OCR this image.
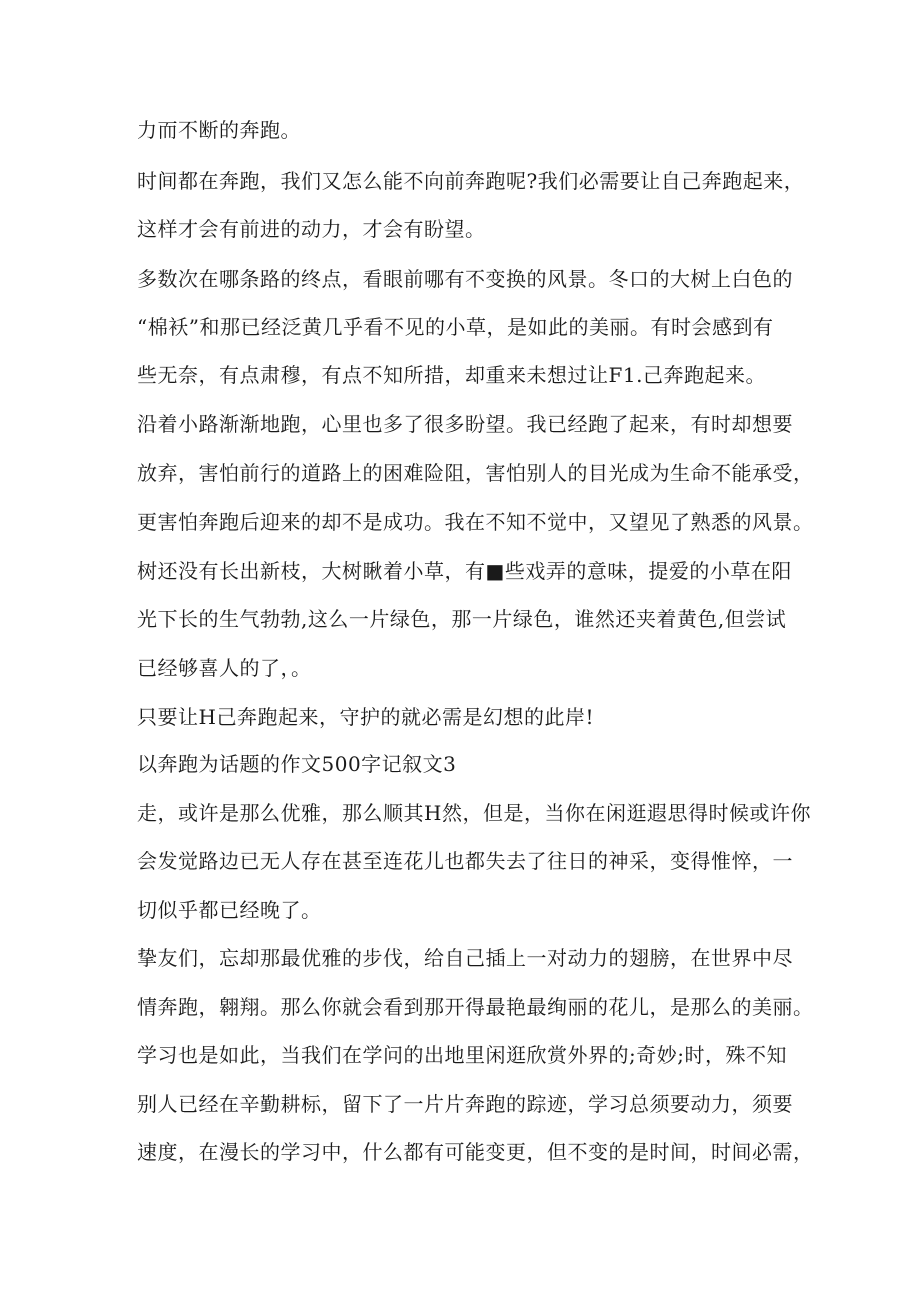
力而不断的奔跑。
时间都在奔跑，我们又怎么能不向前奔跑呢?我们必需要让自己奔跑起来，
这样才会有前进的动力，才会有盼望。
多数次在哪条路的终点，看眼前哪有不变换的风景。冬口的大树上白色的
“棉袄”和那已经泛黄几乎看不见的小草，是如此的美丽。有时会感到有
些无奈，有点肃穆，有点不知所措，却重来未想过让F1.己奔跑起来。
沿着小路渐渐地跑，心里也多了很多盼望。我已经跑了起来，有时却想要
放弃，害怕前行的道路上的困难险阻，害怕别人的目光成为生命不能承受，
更害怕奔跑后迎来的却不是成功。我在不知不觉中，又望见了熟悉的风景。
树还没有长出新枝，大树瞅着小草，有■些戏弄的意味，提爱的小草在阳
光下长的生气勃勃,这么一片绿色，那一片绿色，谁然还夹着黄色,但尝试
已经够喜人的了，。
只要让H己奔跑起来，守护的就必需是幻想的此岸!
以奔跑为话题的作文500字记叙文3
走，或许是那么优雅，那么顺其H然，但是，当你在闲逛遐思得时候或许你
会发觉路边已无人存在甚至连花儿也都失去了往日的神采，变得惟悴，一
切似乎都已经晚了。
挚友们，忘却那最优雅的步伐，给自己插上一对动力的翅膀，在世界中尽
情奔跑，翱翔。那么你就会看到那开得最艳最绚丽的花儿，是那么的美丽。
学习也是如此，当我们在学问的出地里闲逛欣赏外界的;奇妙;时，殊不知
别人已经在辛勤耕标，留下了一片片奔跑的踪迹，学习总须要动力，须要
速度，在漫长的学习中，什么都有可能变更，但不变的是时间，时间必需，
